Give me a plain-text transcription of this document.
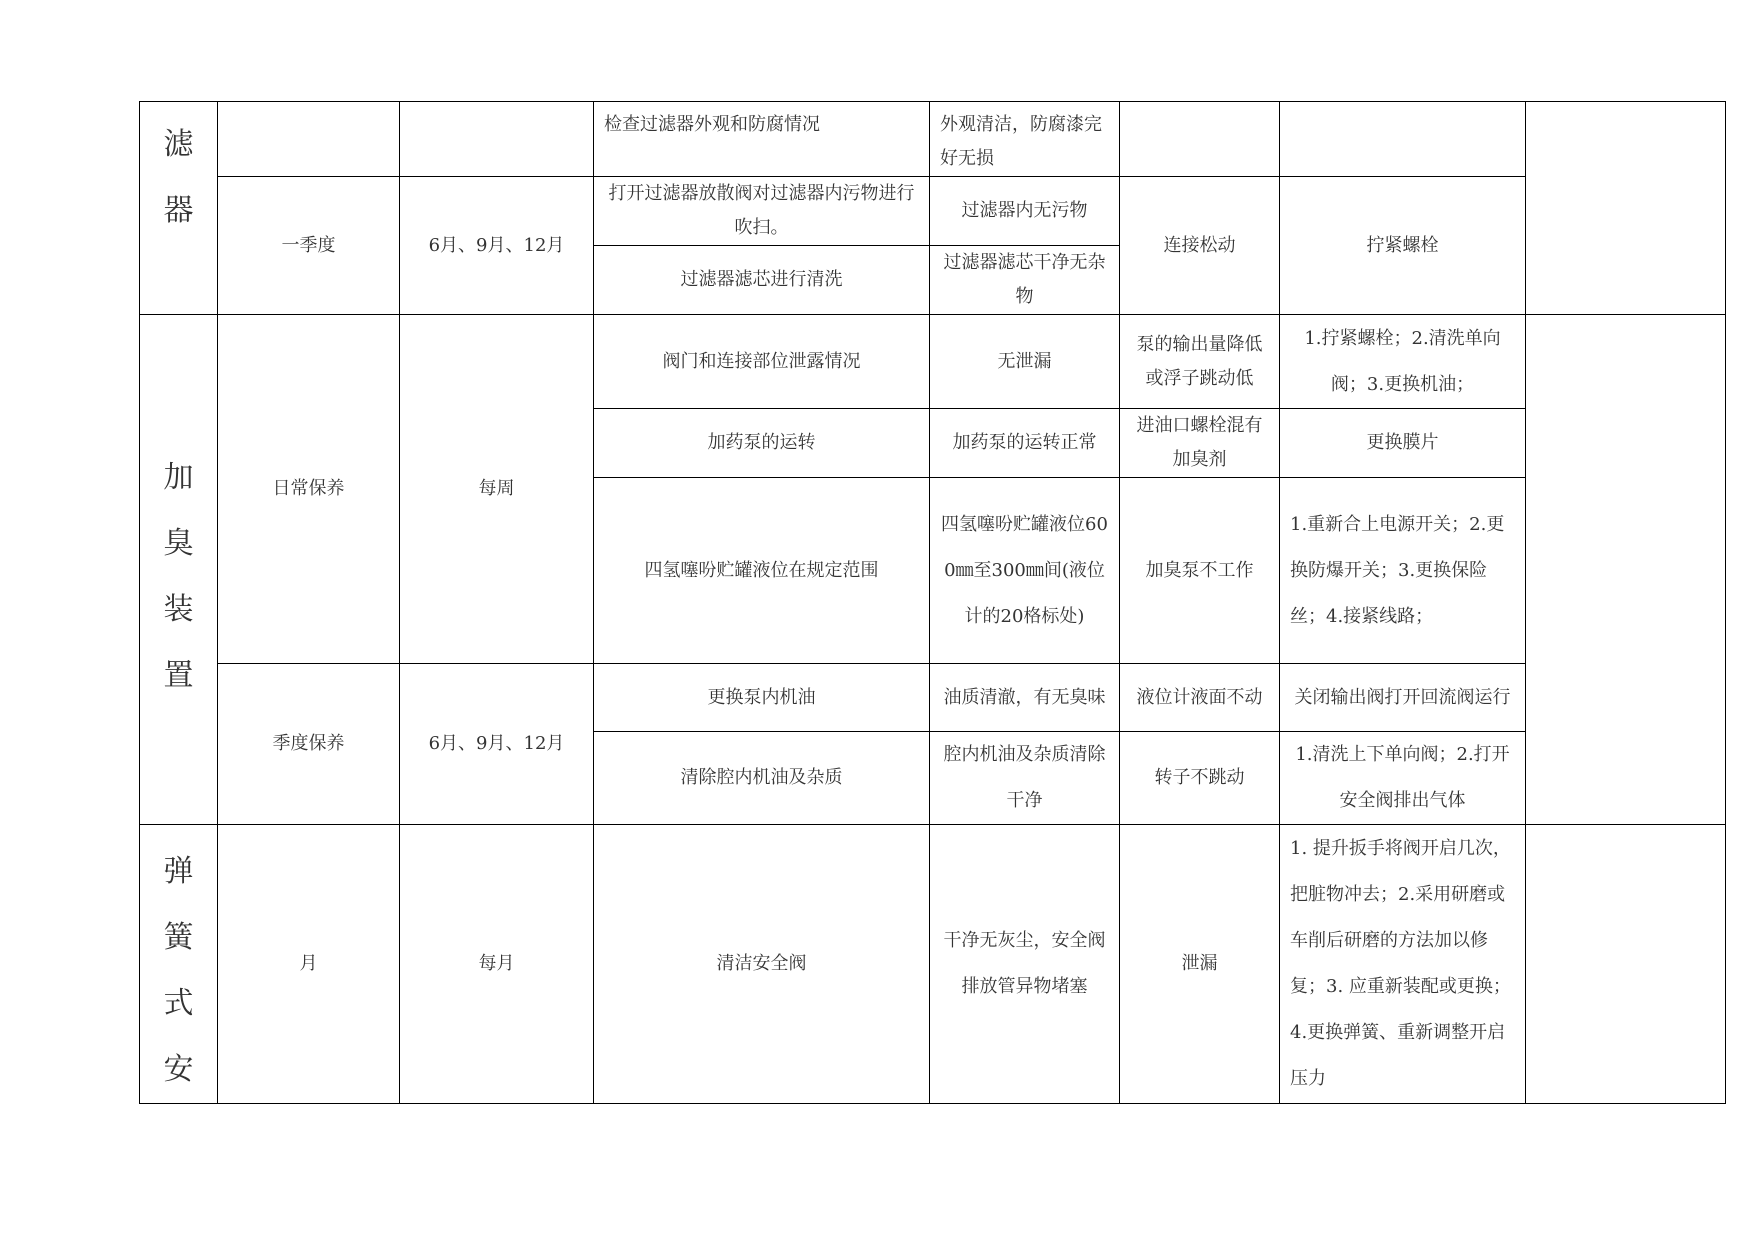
滤
器			检查过滤器外观和防腐情况	外观清洁，防腐漆完好无损			
	一季度	6月、9月、12月	打开过滤器放散阀对过滤器内污物进行吹扫。	过滤器内无污物	连接松动	拧紧螺栓	
			过滤器滤芯进行清洗	过滤器滤芯干净无杂物			

加
臭
装
置	日常保养	每周	阀门和连接部位泄露情况	无泄漏	泵的输出量降低或浮子跳动低	1.拧紧螺栓；2.清洗单向阀；3.更换机油；	
			加药泵的运转	加药泵的运转正常	进油口螺栓混有加臭剂	更换膜片	
			四氢噻吩贮罐液位在规定范围	四氢噻吩贮罐液位600㎜至300㎜间(液位计的20格标处)	加臭泵不工作	1.重新合上电源开关；2.更换防爆开关；3.更换保险丝；4.接紧线路；	
	季度保养	6月、9月、12月	更换泵内机油	油质清澈，有无臭味	液位计液面不动	关闭输出阀打开回流阀运行	
			清除腔内机油及杂质	腔内机油及杂质清除干净	转子不跳动	1.清洗上下单向阀；2.打开安全阀排出气体	

弹
簧
式
安	月	每月	清洁安全阀	干净无灰尘，安全阀排放管异物堵塞	泄漏	1. 提升扳手将阀开启几次，把脏物冲去；2.采用研磨或车削后研磨的方法加以修复；3. 应重新装配或更换；4.更换弹簧、重新调整开启压力	
